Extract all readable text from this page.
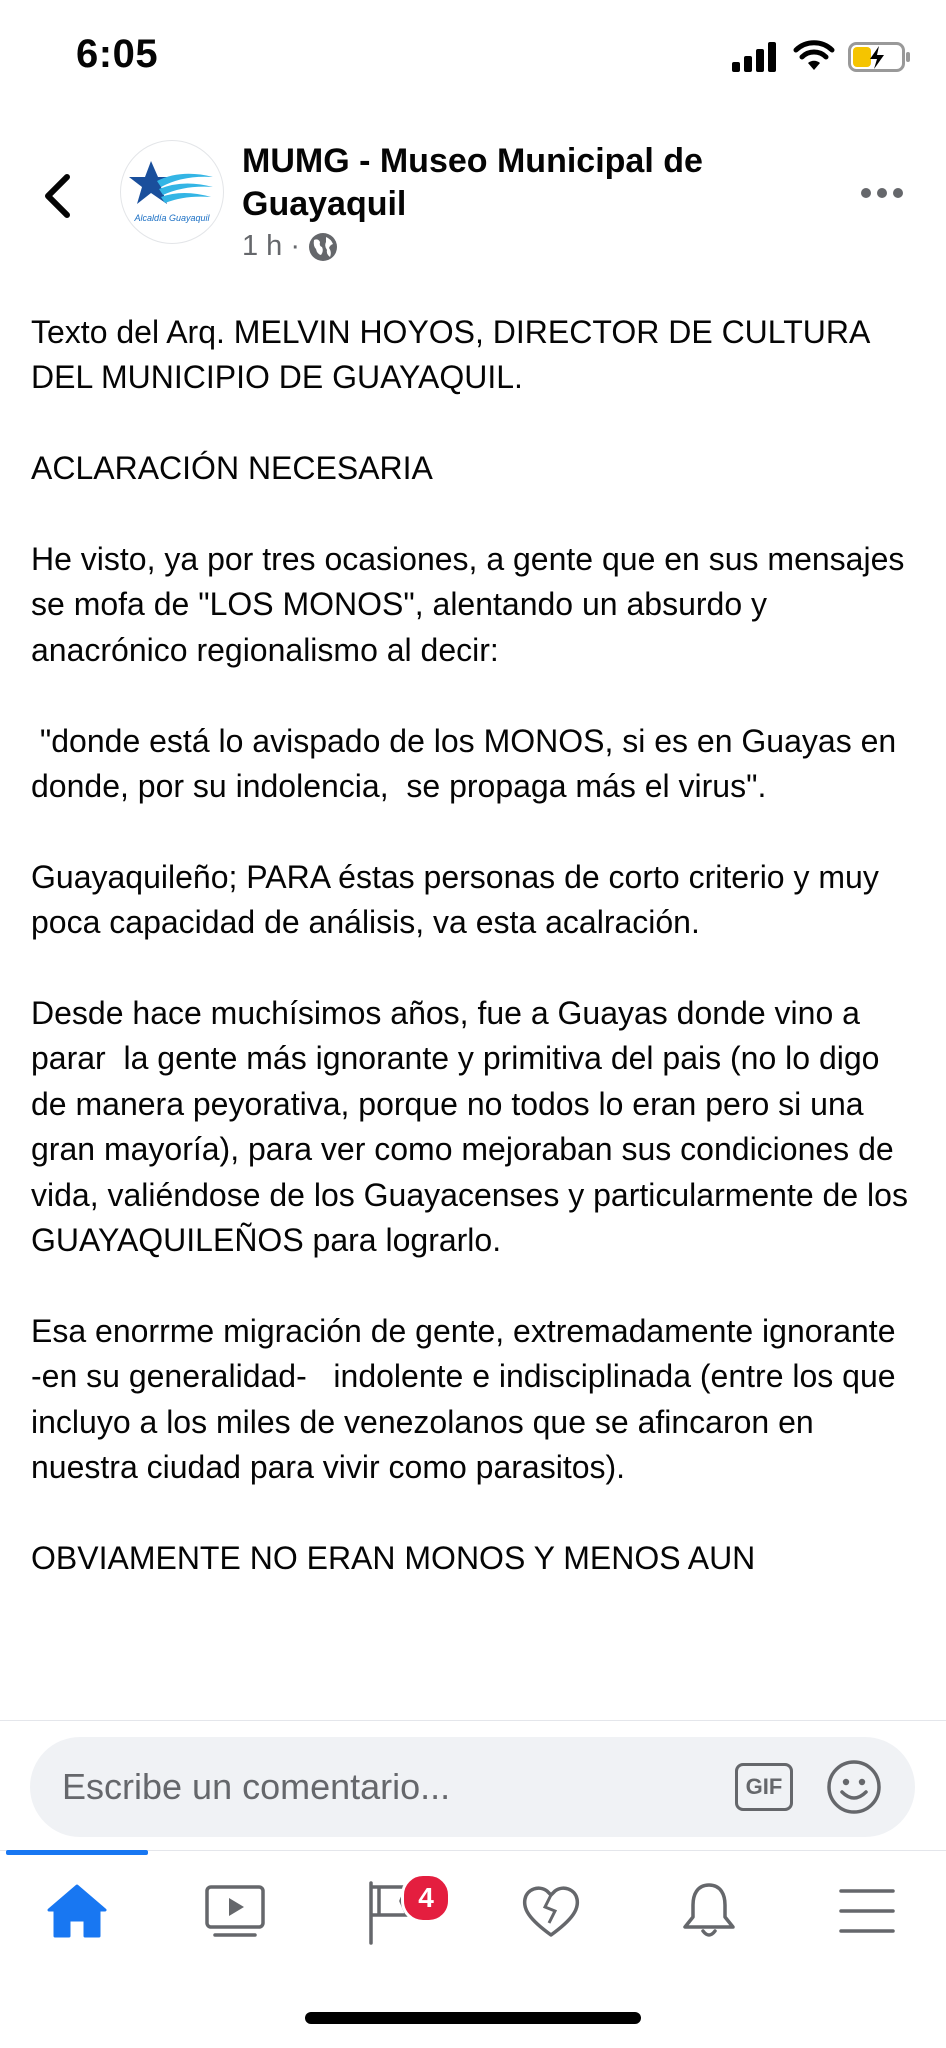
6:05
Alcaldía Guayaquil
MUMG - Museo Municipal de Guayaquil
1 h ·

Texto del Arq. MELVIN HOYOS, DIRECTOR DE CULTURA DEL MUNICIPIO DE GUAYAQUIL.

ACLARACIÓN NECESARIA

He visto, ya por tres ocasiones, a gente que en sus mensajes se mofa de "LOS MONOS", alentando un absurdo y anacrónico regionalismo al decir:

"donde está lo avispado de los MONOS, si es en Guayas en donde, por su indolencia,  se propaga más el virus".

Guayaquileño; PARA éstas personas de corto criterio y muy poca capacidad de análisis, va esta acalración.

Desde hace muchísimos años, fue a Guayas donde vino a parar  la gente más ignorante y primitiva del pais (no lo digo de manera peyorativa, porque no todos lo eran pero si una gran mayoría), para ver como mejoraban sus condiciones de vida, valiéndose de los Guayacenses y particularmente de los GUAYAQUILEÑOS para lograrlo.

Esa enorrme migración de gente, extremadamente ignorante  -en su generalidad-   indolente e indisciplinada (entre los que incluyo a los miles de venezolanos que se afincaron en nuestra ciudad para vivir como parasitos).

OBVIAMENTE NO ERAN MONOS Y MENOS AUN

Escribe un comentario...
GIF
4
